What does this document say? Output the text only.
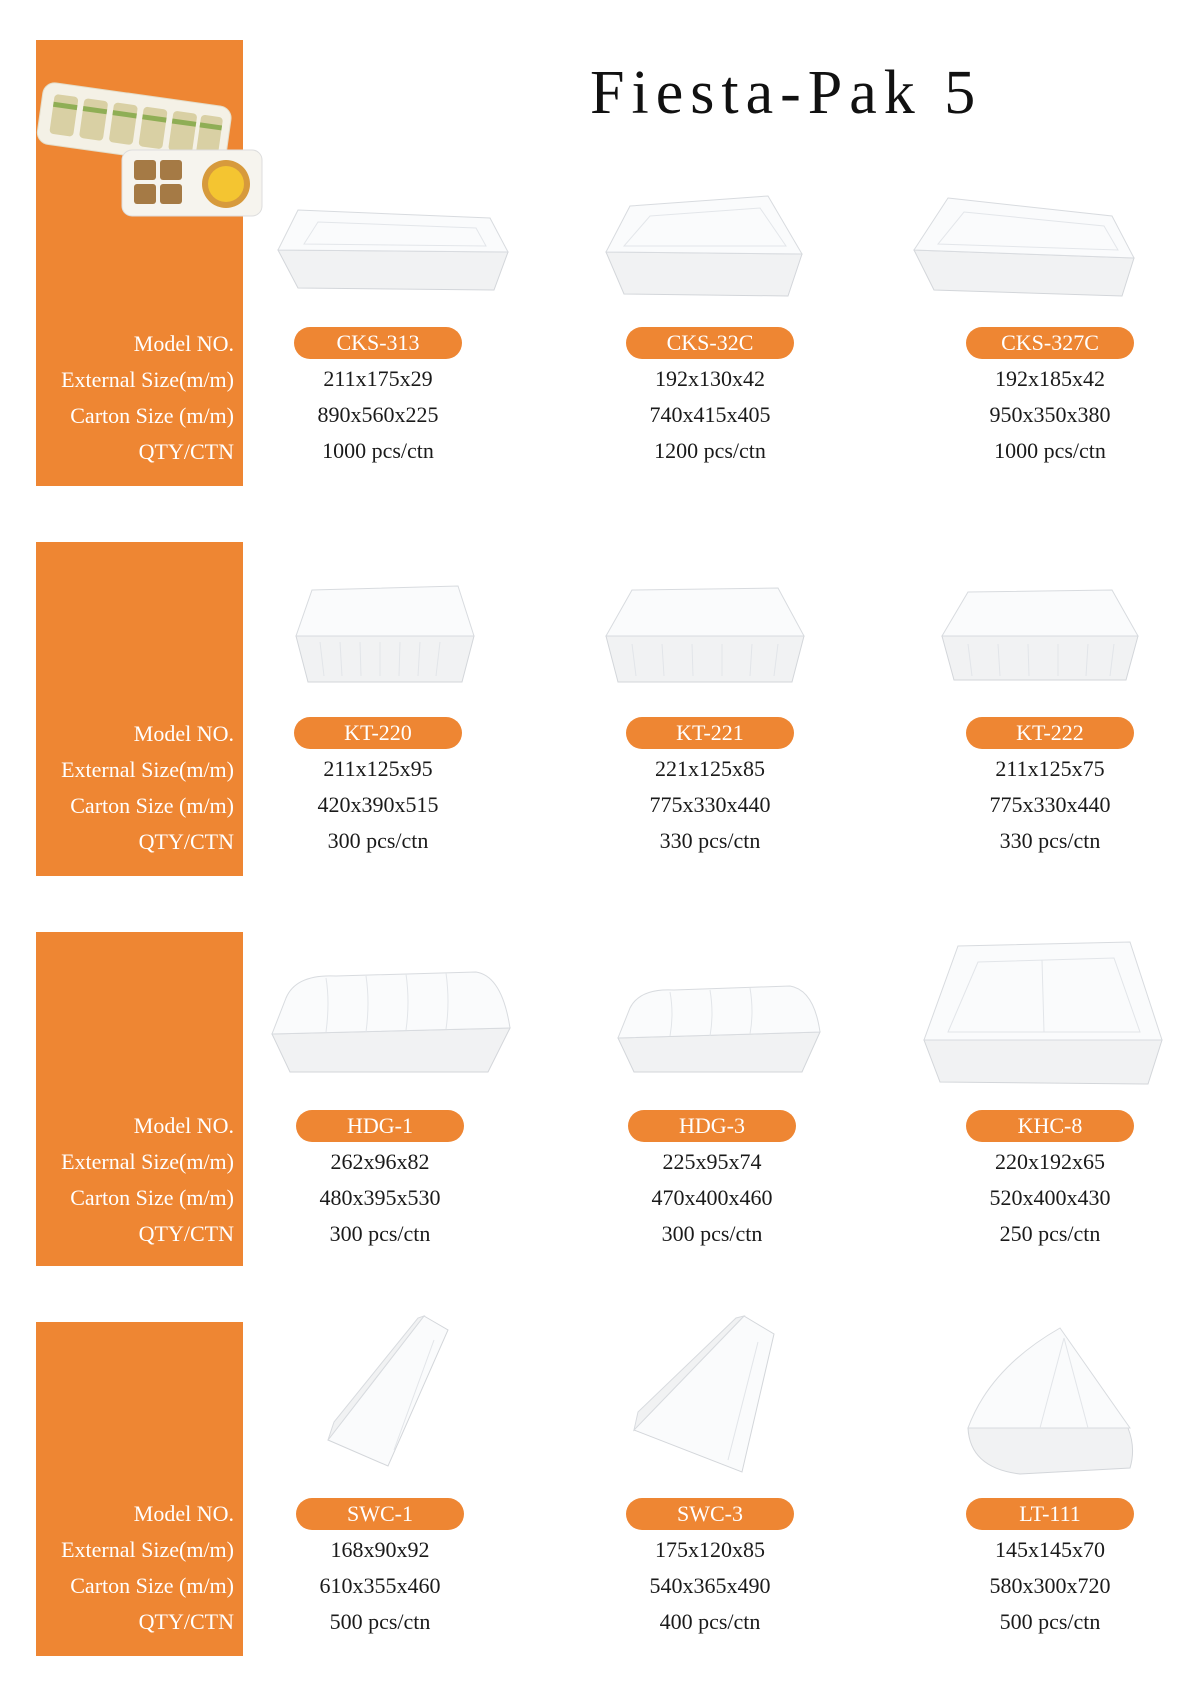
Fiesta-Pak 5
Model NO.
External Size(m/m)
Carton Size (m/m)
QTY/CTN
CKS-313
211x175x29
890x560x225
1000 pcs/ctn
CKS-32C
192x130x42
740x415x405
1200 pcs/ctn
CKS-327C
192x185x42
950x350x380
1000 pcs/ctn
Model NO.
External Size(m/m)
Carton Size (m/m)
QTY/CTN
KT-220
211x125x95
420x390x515
300 pcs/ctn
KT-221
221x125x85
775x330x440
330 pcs/ctn
KT-222
211x125x75
775x330x440
330 pcs/ctn
Model NO.
External Size(m/m)
Carton Size (m/m)
QTY/CTN
HDG-1
262x96x82
480x395x530
300 pcs/ctn
HDG-3
225x95x74
470x400x460
300 pcs/ctn
KHC-8
220x192x65
520x400x430
250 pcs/ctn
Model NO.
External Size(m/m)
Carton Size (m/m)
QTY/CTN
SWC-1
168x90x92
610x355x460
500 pcs/ctn
SWC-3
175x120x85
540x365x490
400 pcs/ctn
LT-111
145x145x70
580x300x720
500 pcs/ctn
